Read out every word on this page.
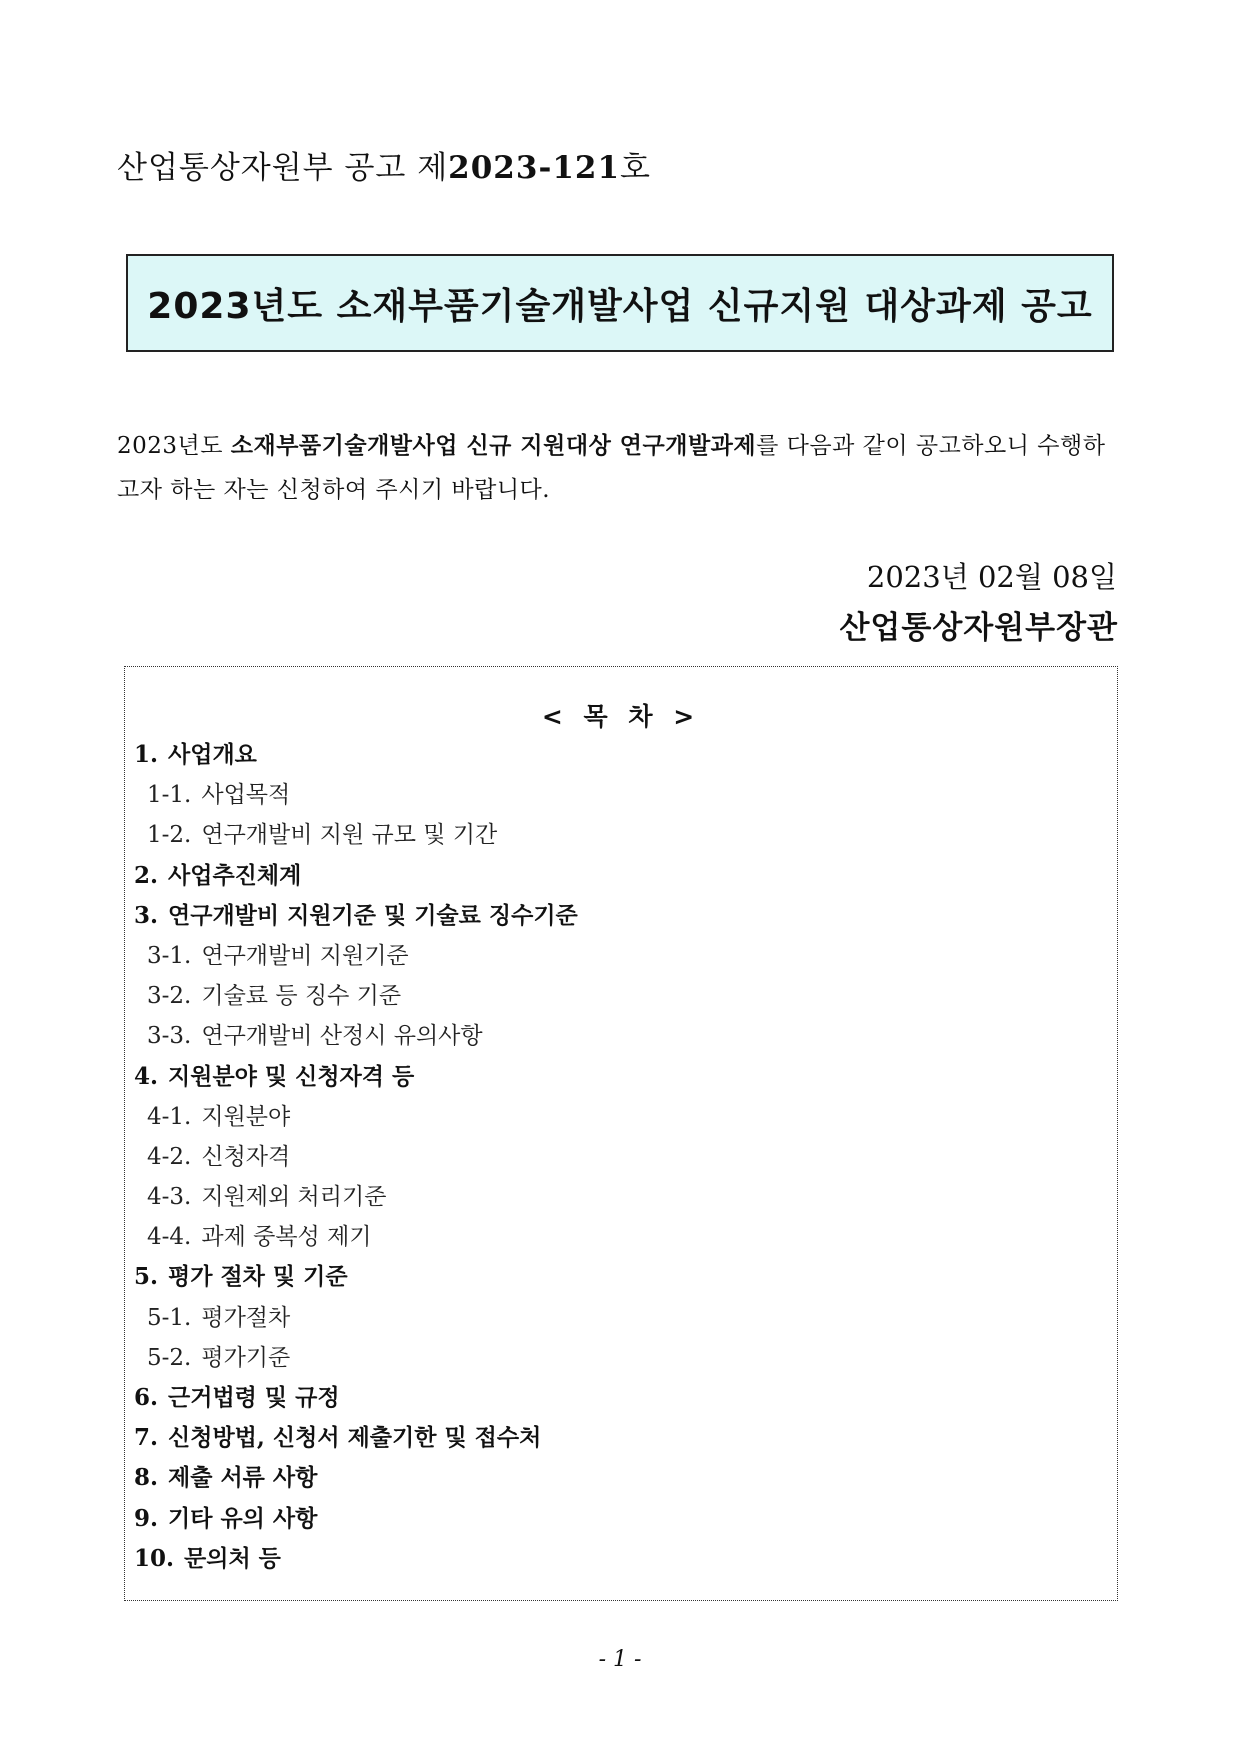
산업통상자원부 공고 제2023-121호
2023년도 소재부품기술개발사업 신규지원 대상과제 공고
2023년도 소재부품기술개발사업 신규 지원대상 연구개발과제를 다음과 같이 공고하오니 수행하고자 하는 자는 신청하여 주시기 바랍니다.
2023년 02월 08일
산업통상자원부장관
< 목 차 >
1. 사업개요
1-1. 사업목적
1-2. 연구개발비 지원 규모 및 기간
2. 사업추진체계
3. 연구개발비 지원기준 및 기술료 징수기준
3-1. 연구개발비 지원기준
3-2. 기술료 등 징수 기준
3-3. 연구개발비 산정시 유의사항
4. 지원분야 및 신청자격 등
4-1. 지원분야
4-2. 신청자격
4-3. 지원제외 처리기준
4-4. 과제 중복성 제기
5. 평가 절차 및 기준
5-1. 평가절차
5-2. 평가기준
6. 근거법령 및 규정
7. 신청방법, 신청서 제출기한 및 접수처
8. 제출 서류 사항
9. 기타 유의 사항
10. 문의처 등
- 1 -
